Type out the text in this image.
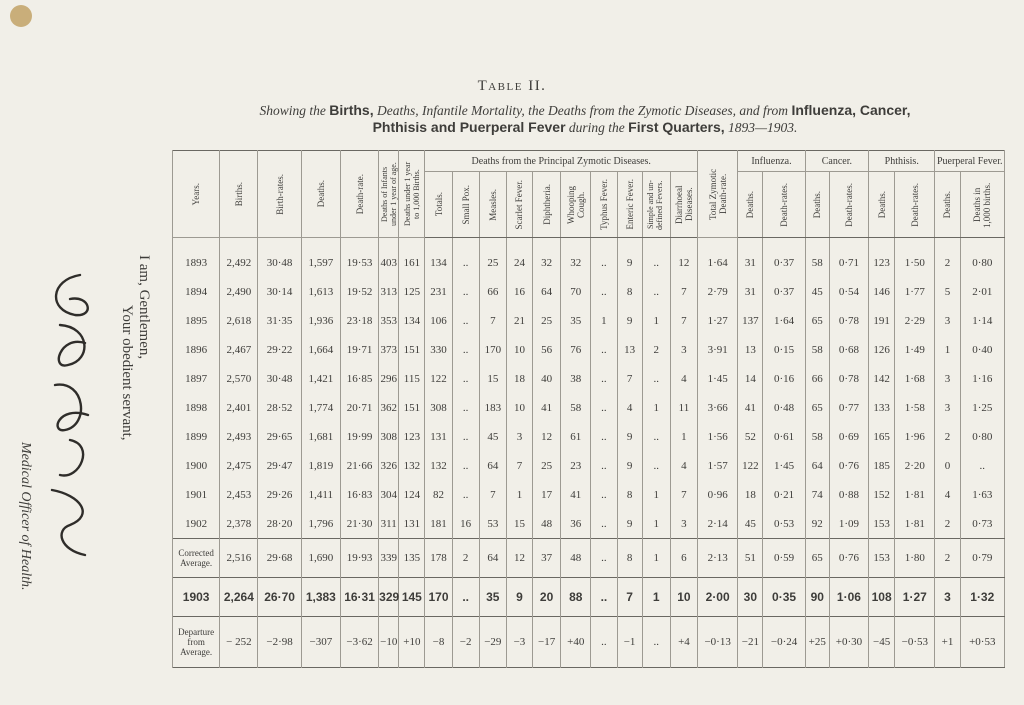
Table II.
Showing the Births, Deaths, Infantile Mortality, the Deaths from the Zymotic Diseases, and from Influenza, Cancer,
Phthisis and Puerperal Fever during the First Quarters, 1893—1903.
I am, Gentlemen,
Your obedient servant,
Medical Officer of Health.
Years.	Births.	Birth-rates.	Deaths.	Death-rate.	Deaths of Infants under 1 year of age.	Deaths under 1 year to 1,000 Births.	Deaths from the Principal Zymotic Diseases.										Total Zymotic Death-rate.	Influenza.		Cancer.		Phthisis.		Puerperal Fever.	

							Totals.	Small Pox.	Measles.	Scarlet Fever.	Diphtheria.	Whooping Cough.	Typhus Fever.	Enteric Fever.	Simple and un-defined Fevers.	Diarrhoeal Diseases.		Deaths.	Death-rates.	Deaths.	Death-rates.	Deaths.	Death-rates.	Deaths.	Deaths in 1,000 births.

1893	2,492	30·48	1,597	19·53	403	161	134	..	25	24	32	32	..	9	..	12	1·64	31	0·37	58	0·71	123	1·50	2	0·80
1894	2,490	30·14	1,613	19·52	313	125	231	..	66	16	64	70	..	8	..	7	2·79	31	0·37	45	0·54	146	1·77	5	2·01
1895	2,618	31·35	1,936	23·18	353	134	106	..	7	21	25	35	1	9	1	7	1·27	137	1·64	65	0·78	191	2·29	3	1·14
1896	2,467	29·22	1,664	19·71	373	151	330	..	170	10	56	76	..	13	2	3	3·91	13	0·15	58	0·68	126	1·49	1	0·40
1897	2,570	30·48	1,421	16·85	296	115	122	..	15	18	40	38	..	7	..	4	1·45	14	0·16	66	0·78	142	1·68	3	1·16
1898	2,401	28·52	1,774	20·71	362	151	308	..	183	10	41	58	..	4	1	11	3·66	41	0·48	65	0·77	133	1·58	3	1·25
1899	2,493	29·65	1,681	19·99	308	123	131	..	45	3	12	61	..	9	..	1	1·56	52	0·61	58	0·69	165	1·96	2	0·80
1900	2,475	29·47	1,819	21·66	326	132	132	..	64	7	25	23	..	9	..	4	1·57	122	1·45	64	0·76	185	2·20	0	..
1901	2,453	29·26	1,411	16·83	304	124	82	..	7	1	17	41	..	8	1	7	0·96	18	0·21	74	0·88	152	1·81	4	1·63
1902	2,378	28·20	1,796	21·30	311	131	181	16	53	15	48	36	..	9	1	3	2·14	45	0·53	92	1·09	153	1·81	2	0·73
Corrected Average.	2,516	29·68	1,690	19·93	339	135	178	2	64	12	37	48	..	8	1	6	2·13	51	0·59	65	0·76	153	1·80	2	0·79
1903	2,264	26·70	1,383	16·31	329	145	170	..	35	9	20	88	..	7	1	10	2·00	30	0·35	90	1·06	108	1·27	3	1·32
Departure from Average.	− 252	−2·98	−307	−3·62	−10	+10	−8	−2	−29	−3	−17	+40	..	−1	..	+4	−0·13	−21	−0·24	+25	+0·30	−45	−0·53	+1	+0·53
